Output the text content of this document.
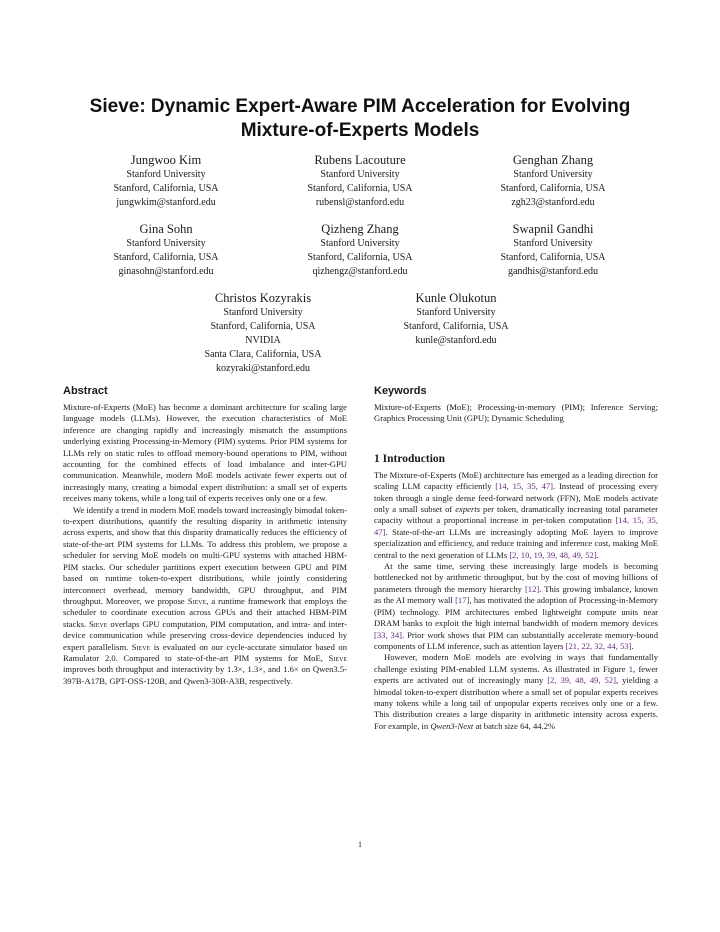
Sieve: Dynamic Expert-Aware PIM Acceleration for Evolving Mixture-of-Experts Models
Jungwoo Kim
Stanford University
Stanford, California, USA
jungwkim@stanford.edu
Rubens Lacouture
Stanford University
Stanford, California, USA
rubensl@stanford.edu
Genghan Zhang
Stanford University
Stanford, California, USA
zgh23@stanford.edu
Gina Sohn
Stanford University
Stanford, California, USA
ginasohn@stanford.edu
Qizheng Zhang
Stanford University
Stanford, California, USA
qizhengz@stanford.edu
Swapnil Gandhi
Stanford University
Stanford, California, USA
gandhis@stanford.edu
Christos Kozyrakis
Stanford University
Stanford, California, USA
NVIDIA
Santa Clara, California, USA
kozyraki@stanford.edu
Kunle Olukotun
Stanford University
Stanford, California, USA
kunle@stanford.edu
Abstract

Mixture-of-Experts (MoE) has become a dominant architecture for scaling large language models (LLMs). However, the execution characteristics of MoE inference are changing rapidly and increasingly mismatch the assumptions underlying existing Processing-in-Memory (PIM) systems. Prior PIM systems for LLMs rely on static rules to offload memory-bound operations to PIM, without accounting for the combined effects of load imbalance and inter-GPU communication. Meanwhile, modern MoE models activate fewer experts out of increasingly many, creating a bimodal expert distribution: a small set of experts receives many tokens, while a long tail of experts receives only one or a few.

We identify a trend in modern MoE models toward increasingly bimodal token-to-expert distributions, quantify the resulting disparity in arithmetic intensity across experts, and show that this disparity dramatically reduces the efficiency of state-of-the-art PIM systems for LLMs. To address this problem, we propose a scheduler for serving MoE models on multi-GPU systems with attached HBM-PIM stacks. Our scheduler partitions expert execution between GPU and PIM based on runtime token-to-expert distributions, while jointly considering interconnect overhead, memory bandwidth, GPU throughput, and PIM throughput. Moreover, we propose Sieve, a runtime framework that employs the scheduler to coordinate execution across GPUs and their attached HBM-PIM stacks. Sieve overlaps GPU computation, PIM computation, and intra- and inter-device communication while preserving cross-device dependencies induced by expert parallelism. Sieve is evaluated on our cycle-accurate simulator based on Ramulator 2.0. Compared to state-of-the-art PIM systems for MoE, Sieve improves both throughput and interactivity by 1.3×, 1.3×, and 1.6× on Qwen3.5-397B-A17B, GPT-OSS-120B, and Qwen3-30B-A3B, respectively.

Keywords

Mixture-of-Experts (MoE); Processing-in-memory (PIM); Inference Serving; Graphics Processing Unit (GPU); Dynamic Scheduling

1 Introduction

The Mixture-of-Experts (MoE) architecture has emerged as a leading direction for scaling LLM capacity efficiently [14, 15, 35, 47]. Instead of processing every token through a single dense feed-forward network (FFN), MoE models activate only a small subset of experts per token, dramatically increasing total parameter capacity without a proportional increase in per-token computation [14, 15, 35, 47]. State-of-the-art LLMs are increasingly adopting MoE layers to improve specialization and efficiency, and reduce training and inference cost, making MoE central to the next generation of LLMs [2, 10, 19, 39, 48, 49, 52].

At the same time, serving these increasingly large models is becoming bottlenecked not by arithmetic throughput, but by the cost of moving billions of parameters through the memory hierarchy [12]. This growing imbalance, known as the AI memory wall [17], has motivated the adoption of Processing-in-Memory (PIM) technology. PIM architectures embed lightweight compute units near DRAM banks to exploit the high internal bandwidth of modern memory devices [33, 34]. Prior work shows that PIM can substantially accelerate memory-bound components of LLM inference, such as attention layers [21, 22, 32, 44, 53].

However, modern MoE models are evolving in ways that fundamentally challenge existing PIM-enabled LLM systems. As illustrated in Figure 1, fewer experts are activated out of increasingly many [2, 39, 48, 49, 52], yielding a bimodal token-to-expert distribution where a small set of popular experts receives many tokens while a long tail of unpopular experts receives only one or a few. This distribution creates a large disparity in arithmetic intensity across experts. For example, in Qwen3-Next at batch size 64, 44.2%

1
